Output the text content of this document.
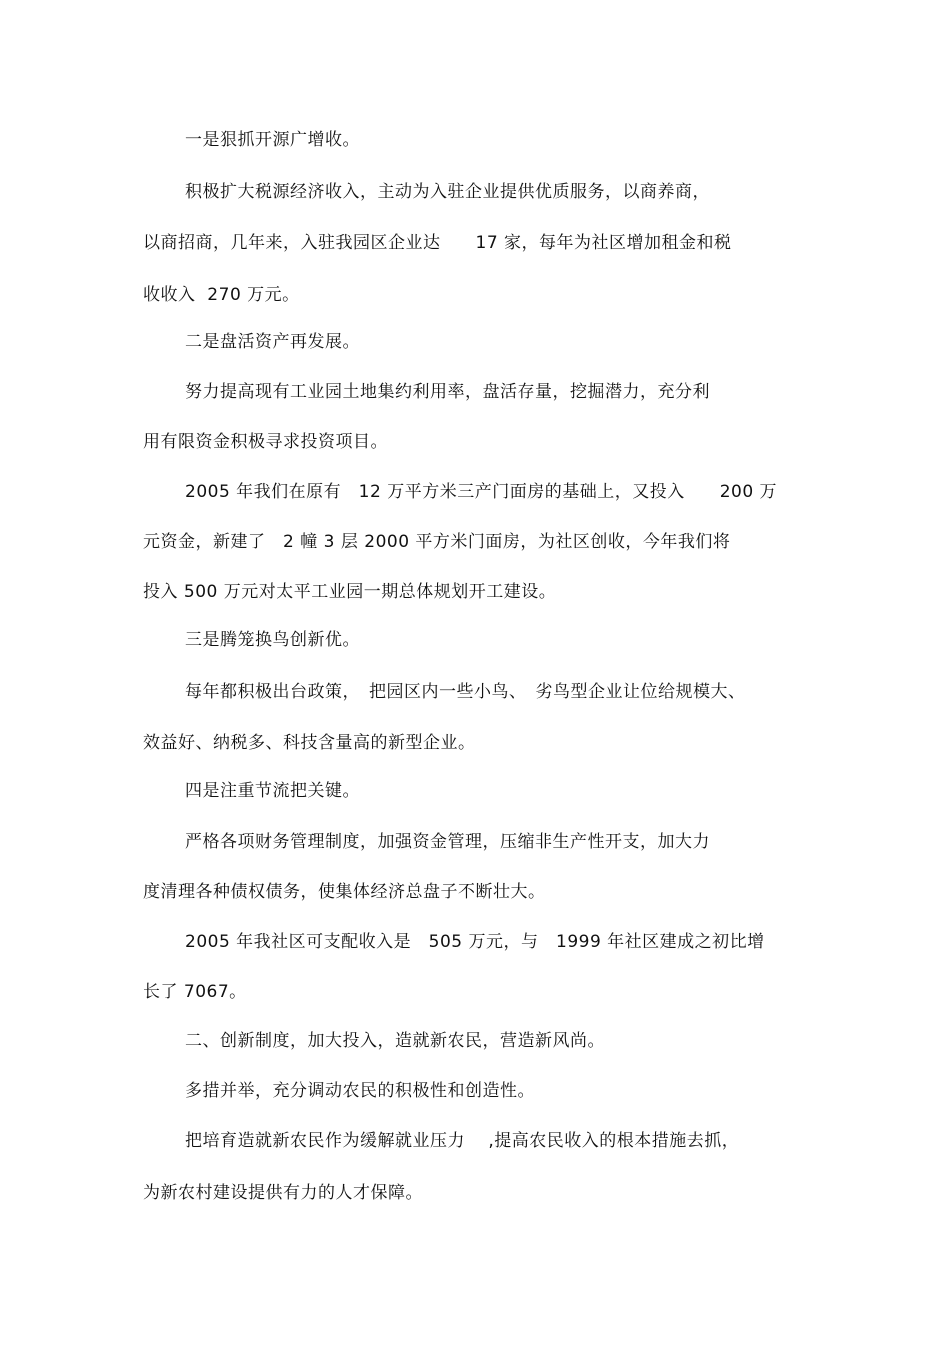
一是狠抓开源广增收。
积极扩大税源经济收入，主动为入驻企业提供优质服务，以商养商，
以商招商，几年来，入驻我园区企业达　　17 家，每年为社区增加租金和税
收收入  270 万元。
二是盘活资产再发展。
努力提高现有工业园土地集约利用率，盘活存量，挖掘潜力，充分利
用有限资金积极寻求投资项目。
2005 年我们在原有　12 万平方米三产门面房的基础上，又投入　　200 万
元资金，新建了　2 幢 3 层 2000 平方米门面房，为社区创收，今年我们将
投入 500 万元对太平工业园一期总体规划开工建设。
三是腾笼换鸟创新优。
每年都积极出台政策，　把园区内一些小鸟、　劣鸟型企业让位给规模大、
效益好、纳税多、科技含量高的新型企业。
四是注重节流把关键。
严格各项财务管理制度，加强资金管理，压缩非生产性开支，加大力
度清理各种债权债务，使集体经济总盘子不断壮大。
2005 年我社区可支配收入是　505 万元，与　1999 年社区建成之初比增
长了 7067。
二、创新制度，加大投入，造就新农民，营造新风尚。
多措并举，充分调动农民的积极性和创造性。
把培育造就新农民作为缓解就业压力　 ,提高农民收入的根本措施去抓，
为新农村建设提供有力的人才保障。
